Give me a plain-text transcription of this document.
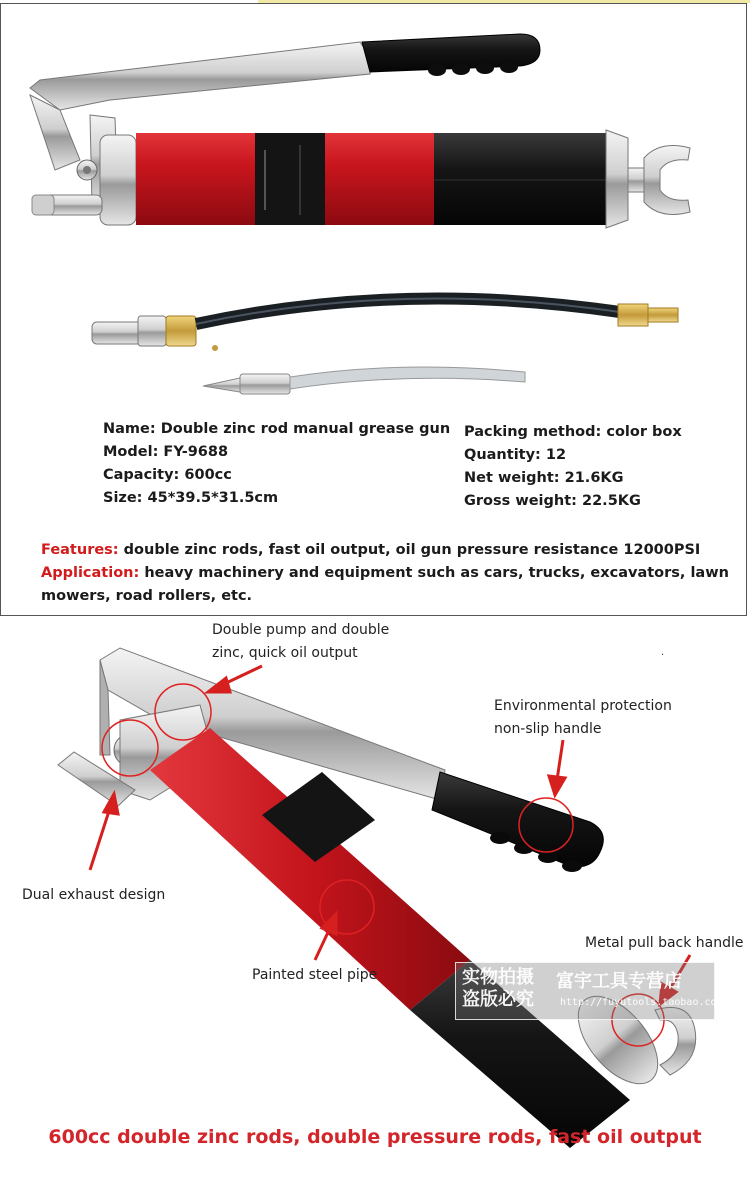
Name: Double zinc rod manual grease gun
Model: FY-9688
Capacity: 600cc
Size: 45*39.5*31.5cm
Packing method: color box
Quantity: 12
Net weight: 21.6KG
Gross weight: 22.5KG
Features: double zinc rods, fast oil output, oil gun pressure resistance 12000PSI
Application: heavy machinery and equipment such as cars, trucks, excavators, lawn mowers, road rollers, etc.
Double pump and double
zinc, quick oil output
Environmental protection
non-slip handle
Dual exhaust design
Painted steel pipe
Metal pull back handle
.
实物拍摄盗版必究
富宇工具专营店
http://fuyutools.taobao.com
600cc double zinc rods, double pressure rods, fast oil output
